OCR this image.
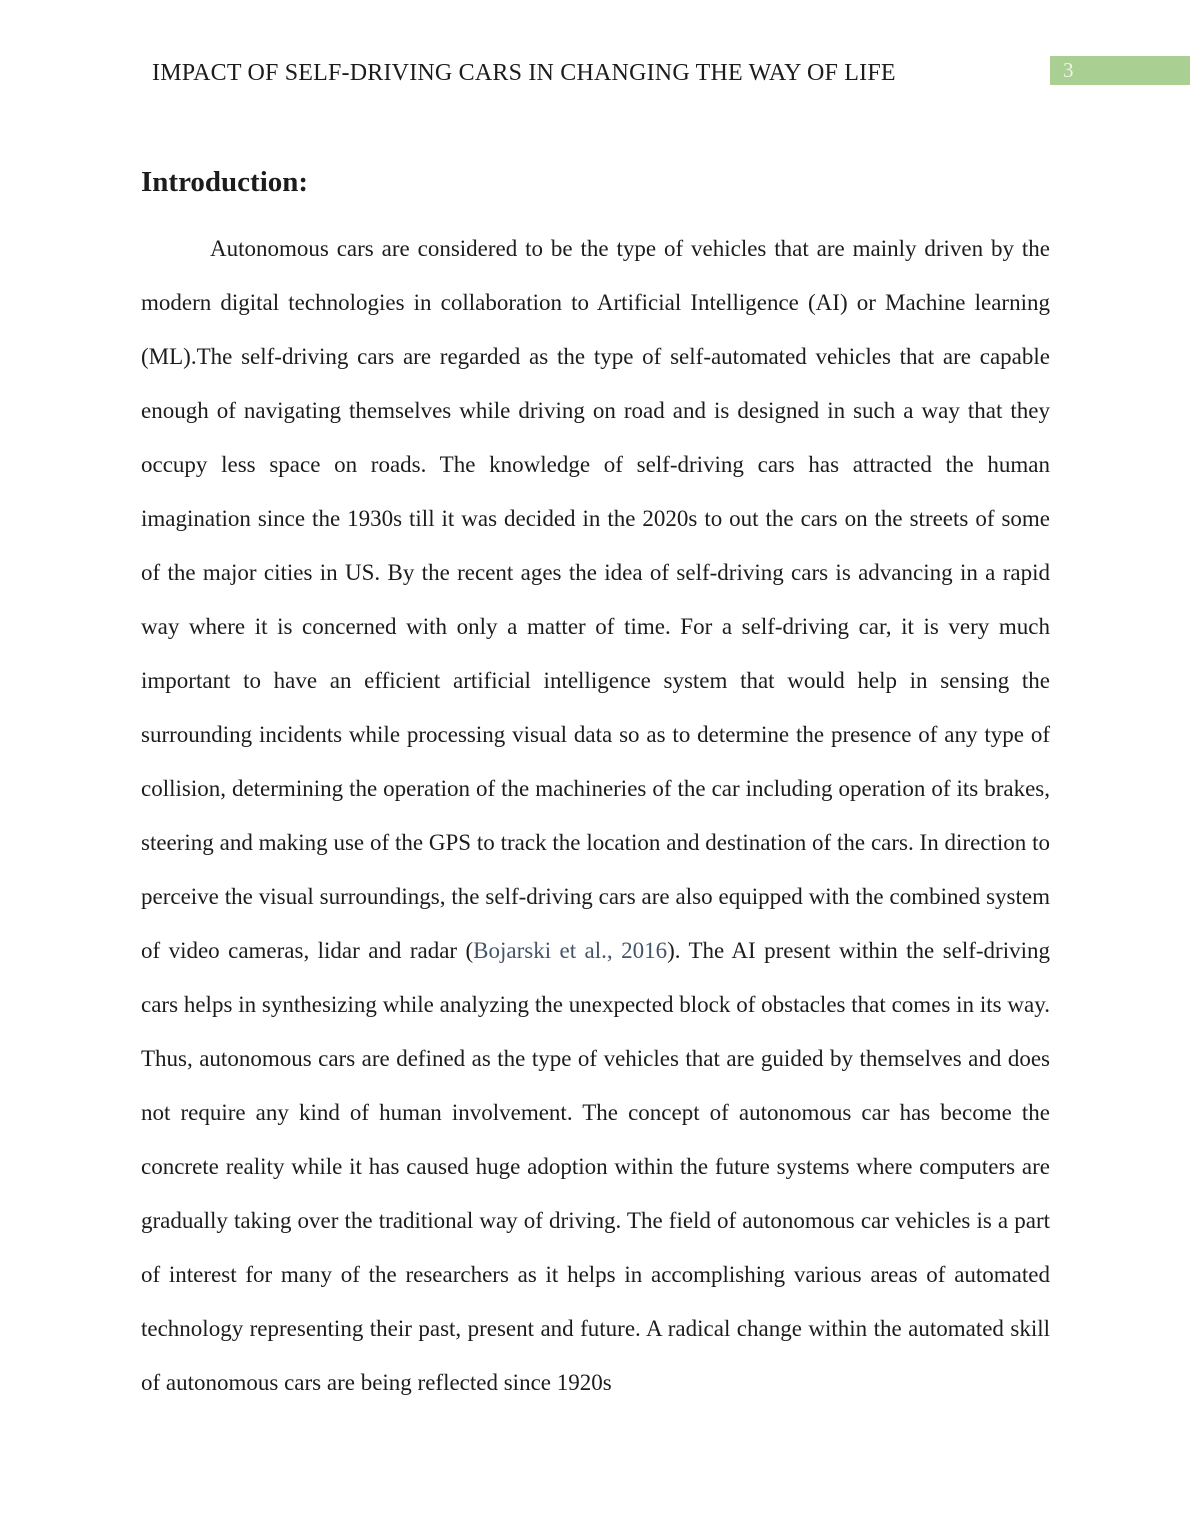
IMPACT OF SELF-DRIVING CARS IN CHANGING THE WAY OF LIFE	3
Introduction:

Autonomous cars are considered to be the type of vehicles that are mainly driven by the modern digital technologies in collaboration to Artificial Intelligence (AI) or Machine learning (ML).The self-driving cars are regarded as the type of self-automated vehicles that are capable enough of navigating themselves while driving on road and is designed in such a way that they occupy less space on roads. The knowledge of self-driving cars has attracted the human imagination since the 1930s till it was decided in the 2020s to out the cars on the streets of some of the major cities in US. By the recent ages the idea of self-driving cars is advancing in a rapid way where it is concerned with only a matter of time. For a self-driving car, it is very much important to have an efficient artificial intelligence system that would help in sensing the surrounding incidents while processing visual data so as to determine the presence of any type of collision, determining the operation of the machineries of the car including operation of its brakes, steering and making use of the GPS to track the location and destination of the cars. In direction to perceive the visual surroundings, the self-driving cars are also equipped with the combined system of video cameras, lidar and radar (Bojarski et al., 2016). The AI present within the self-driving cars helps in synthesizing while analyzing the unexpected block of obstacles that comes in its way. Thus, autonomous cars are defined as the type of vehicles that are guided by themselves and does not require any kind of human involvement. The concept of autonomous car has become the concrete reality while it has caused huge adoption within the future systems where computers are gradually taking over the traditional way of driving. The field of autonomous car vehicles is a part of interest for many of the researchers as it helps in accomplishing various areas of automated technology representing their past, present and future. A radical change within the automated skill of autonomous cars are being reflected since 1920s
